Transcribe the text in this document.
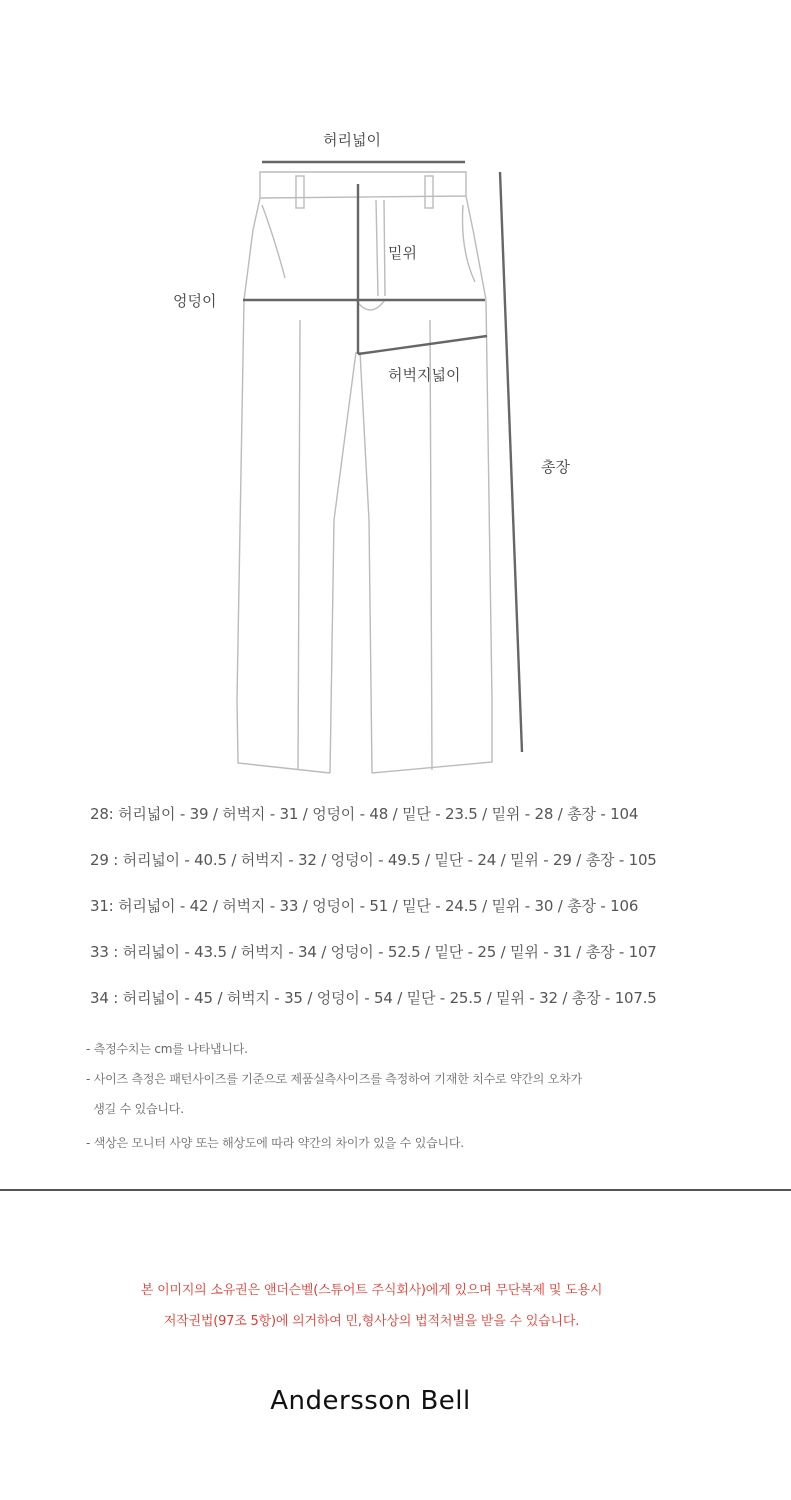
허리넓이
밑위
엉덩이
허벅지넓이
총장
28: 허리넓이 - 39 / 허벅지 - 31 / 엉덩이 - 48 / 밑단 - 23.5 / 밑위 - 28 / 총장 - 104
29 : 허리넓이 - 40.5 / 허벅지 - 32 / 엉덩이 - 49.5 / 밑단 - 24 / 밑위 - 29 / 총장 - 105
31: 허리넓이 - 42 / 허벅지 - 33 / 엉덩이 - 51 / 밑단 - 24.5 / 밑위 - 30 / 총장 - 106
33 : 허리넓이 - 43.5 / 허벅지 - 34 / 엉덩이 - 52.5 / 밑단 - 25 / 밑위 - 31 / 총장 - 107
34 : 허리넓이 - 45 / 허벅지 - 35 / 엉덩이 - 54 / 밑단 - 25.5 / 밑위 - 32 / 총장 - 107.5
- 측정수치는 cm를 나타냅니다.
- 사이즈 측정은 패턴사이즈를 기준으로 제품실측사이즈를 측정하여 기재한 치수로 약간의 오차가
생길 수 있습니다.
- 색상은 모니터 사양 또는 해상도에 따라 약간의 차이가 있을 수 있습니다.
본 이미지의 소유권은 앤더슨벨(스튜어트 주식회사)에게 있으며 무단복제 및 도용시
저작권법(97조 5항)에 의거하여 민,형사상의 법적처벌을 받을 수 있습니다.
Andersson Bell
